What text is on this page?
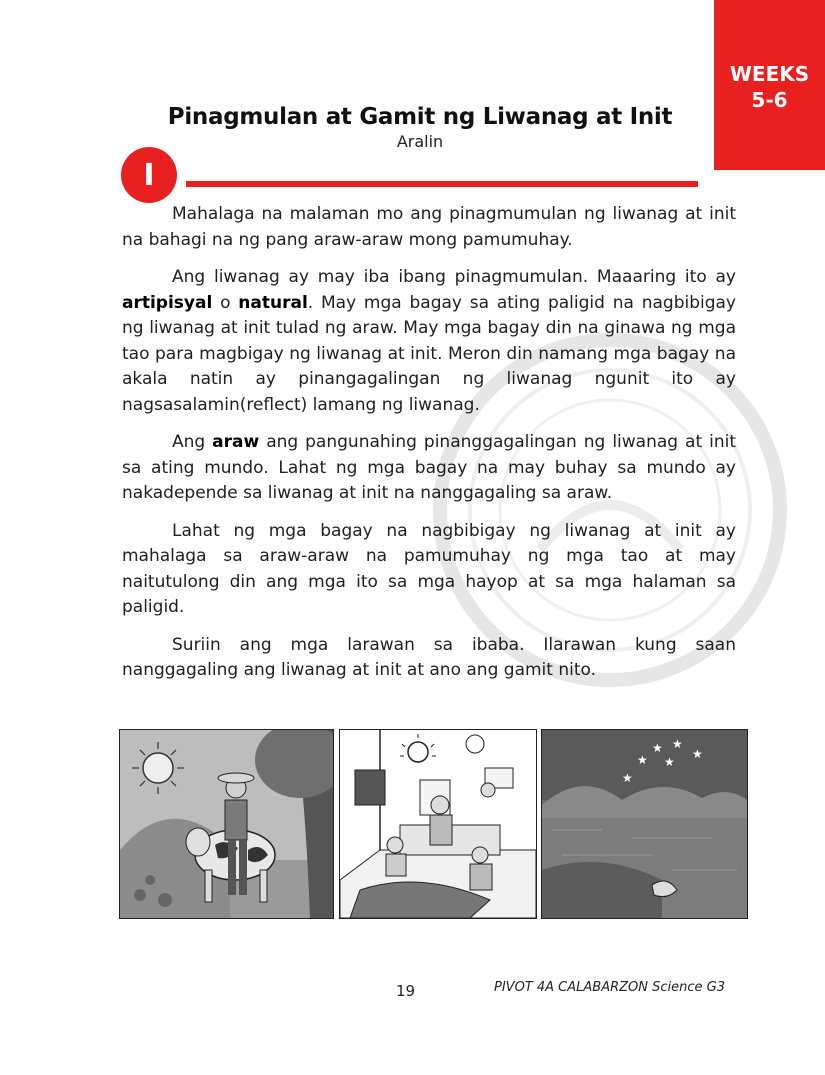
WEEKS
5-6
Pinagmulan at Gamit ng Liwanag at Init
Aralin
I

Mahalaga na malaman mo ang pinagmumulan ng liwanag at init na bahagi na ng pang araw-araw mong pamumuhay.

Ang liwanag ay may iba ibang pinagmumulan. Maaaring ito ay artipisyal o natural. May mga bagay sa ating paligid na nagbibigay ng liwanag at init tulad ng araw. May mga bagay din na ginawa ng mga tao para magbigay ng liwanag at init. Meron din namang mga bagay na akala natin ay pinangagalingan ng liwanag ngunit ito ay nagsasalamin(reflect) lamang ng liwanag.

Ang araw ang pangunahing pinanggagalingan ng liwanag at init sa ating mundo. Lahat ng mga bagay na may buhay sa mundo ay nakadepende sa liwanag at init na nanggagaling sa araw.

Lahat ng mga bagay na nagbibigay ng liwanag at init ay mahalaga sa araw-araw na pamumuhay ng mga tao at may naitutulong din ang mga ito sa mga hayop at sa mga halaman sa paligid.

Suriin ang mga larawan sa ibaba. Ilarawan kung saan nanggagaling ang liwanag at init at ano ang gamit nito.

★ ★
★ ★
★
★
19	PIVOT 4A CALABARZON Science G3
